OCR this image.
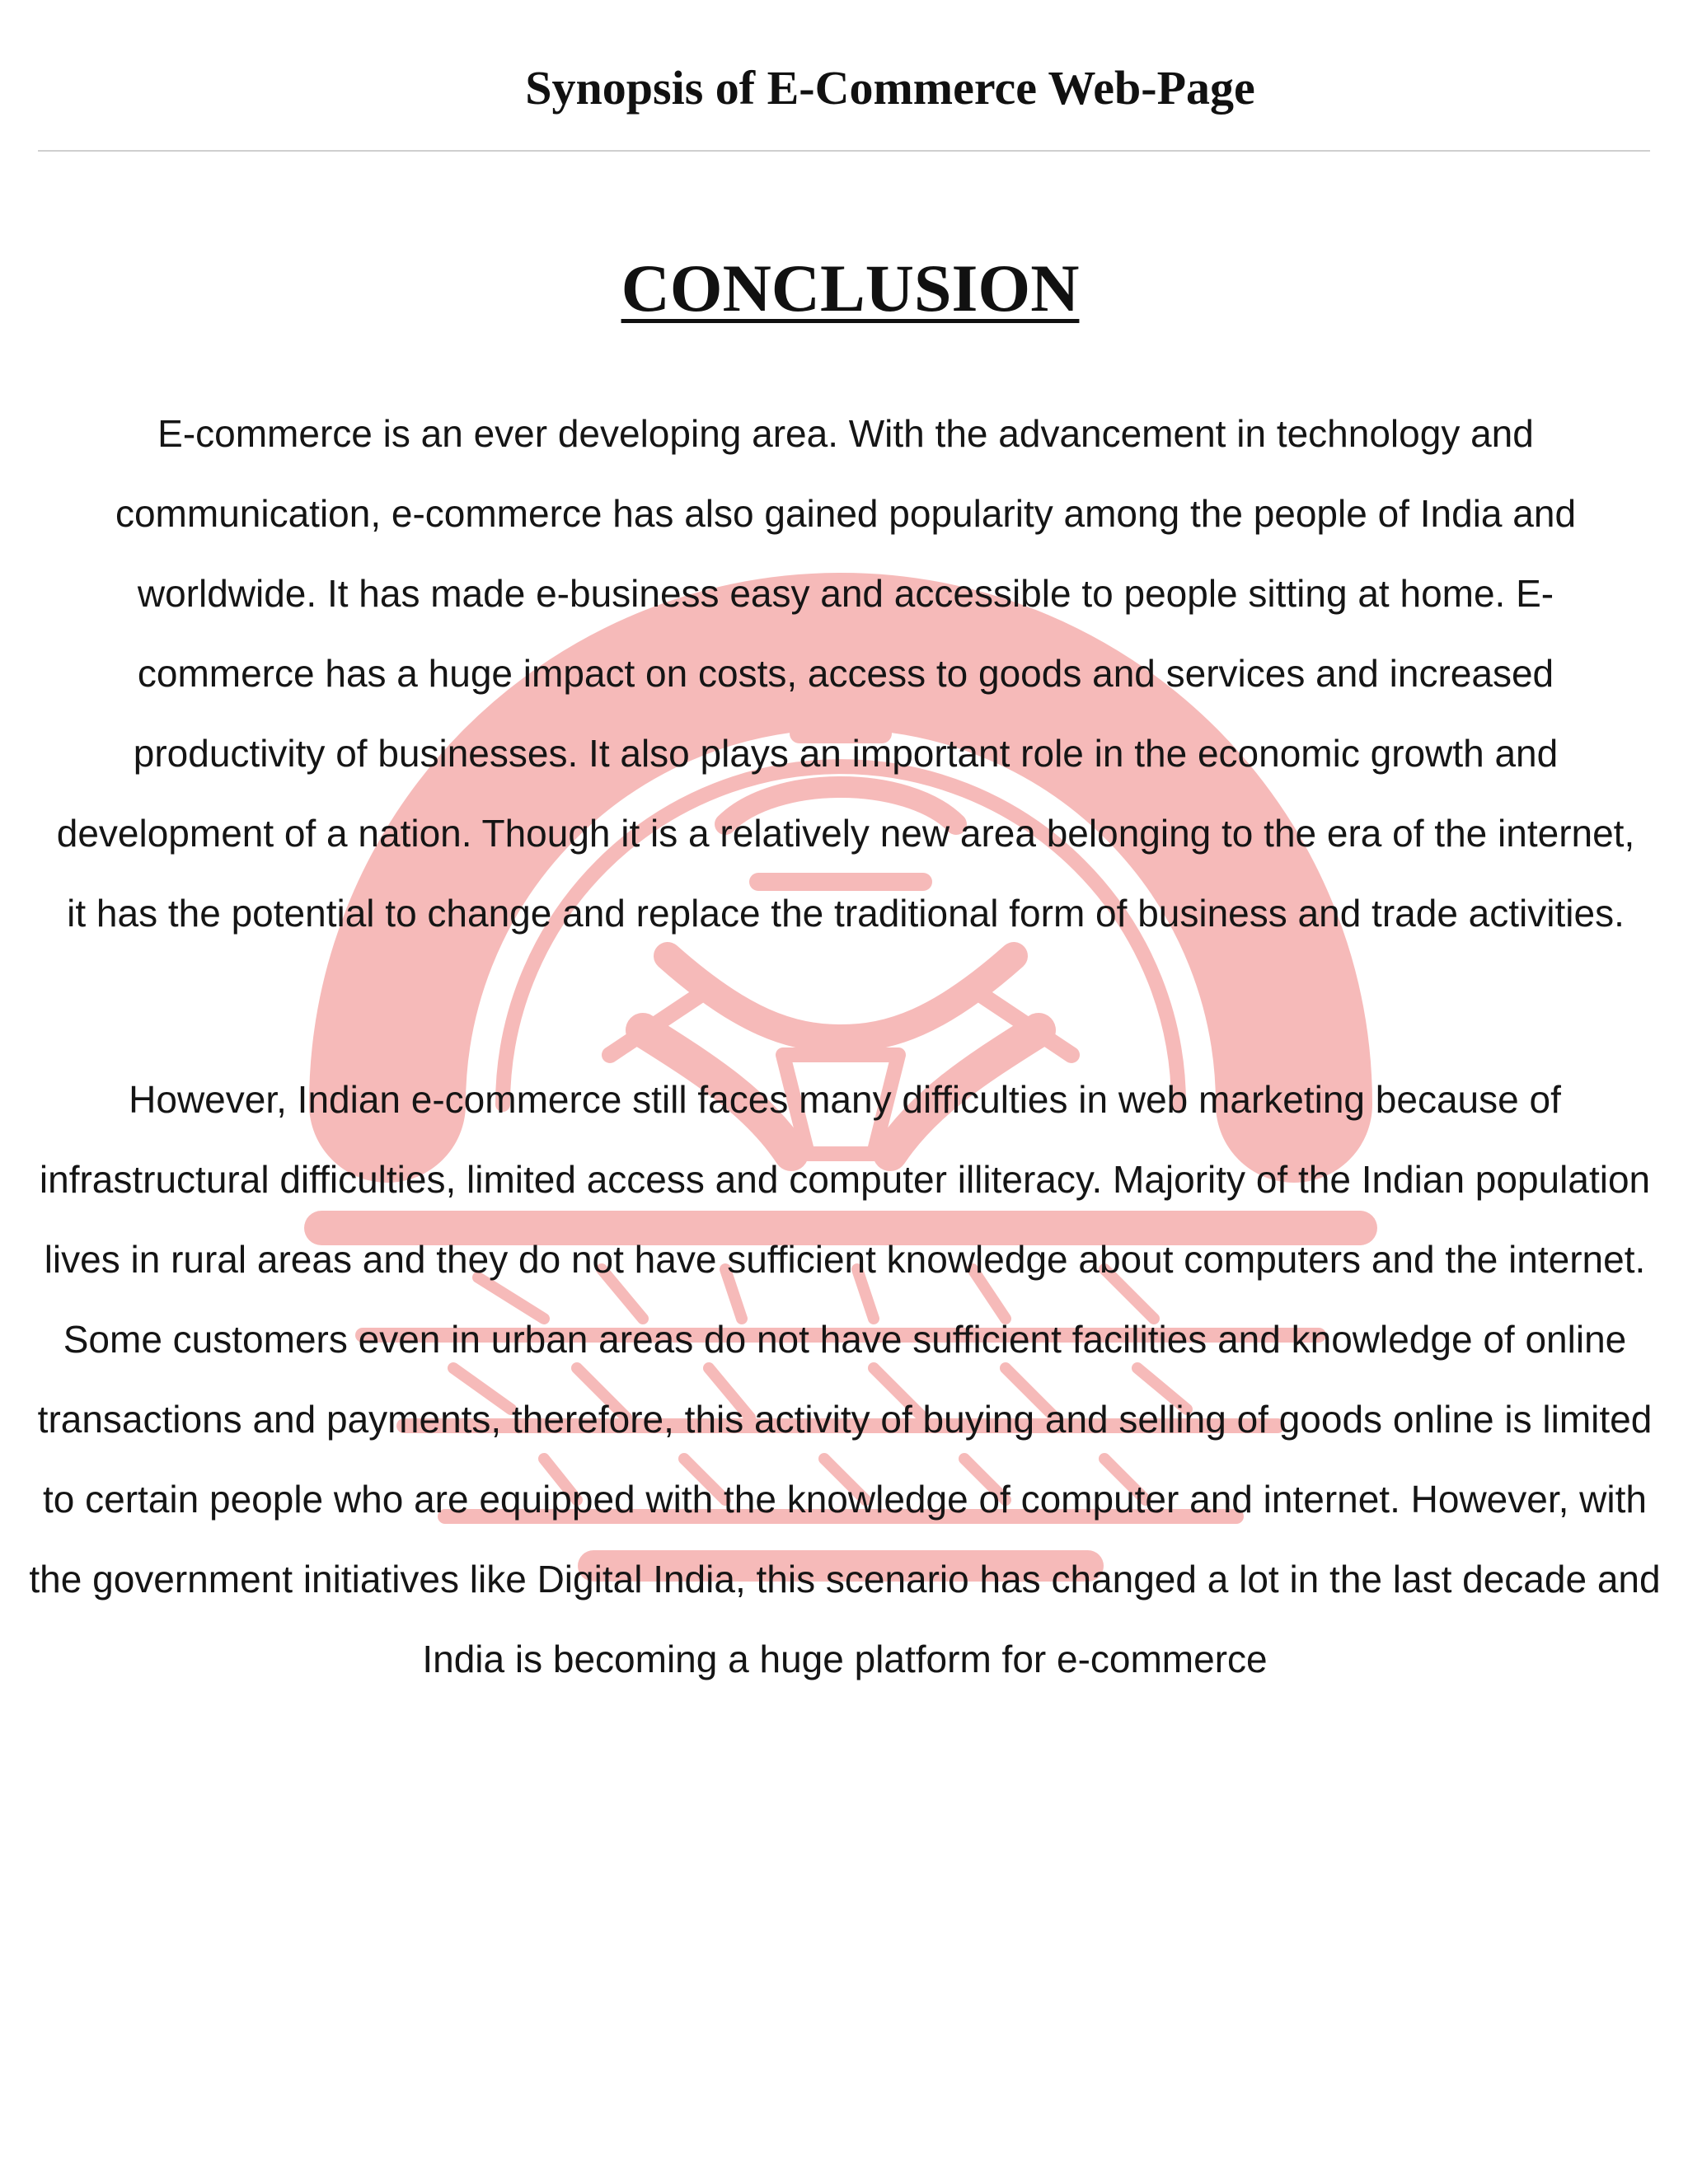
Synopsis of E-Commerce Web-Page
CONCLUSION
E-commerce is an ever developing area. With the advancement in technology and communication, e-commerce has also gained popularity among the people of India and worldwide. It has made e-business easy and accessible to people sitting at home. E-commerce has a huge impact on costs, access to goods and services and increased productivity of businesses. It also plays an important role in the economic growth and development of a nation. Though it is a relatively new area belonging to the era of the internet, it has the potential to change and replace the traditional form of business and trade activities.
However, Indian e-commerce still faces many difficulties in web marketing because of infrastructural difficulties, limited access and computer illiteracy. Majority of the Indian population lives in rural areas and they do not have sufficient knowledge about computers and the internet. Some customers even in urban areas do not have sufficient facilities and knowledge of online transactions and payments, therefore, this activity of buying and selling of goods online is limited to certain people who are equipped with the knowledge of computer and internet. However, with the government initiatives like Digital India, this scenario has changed a lot in the last decade and India is becoming a huge platform for e-commerce
